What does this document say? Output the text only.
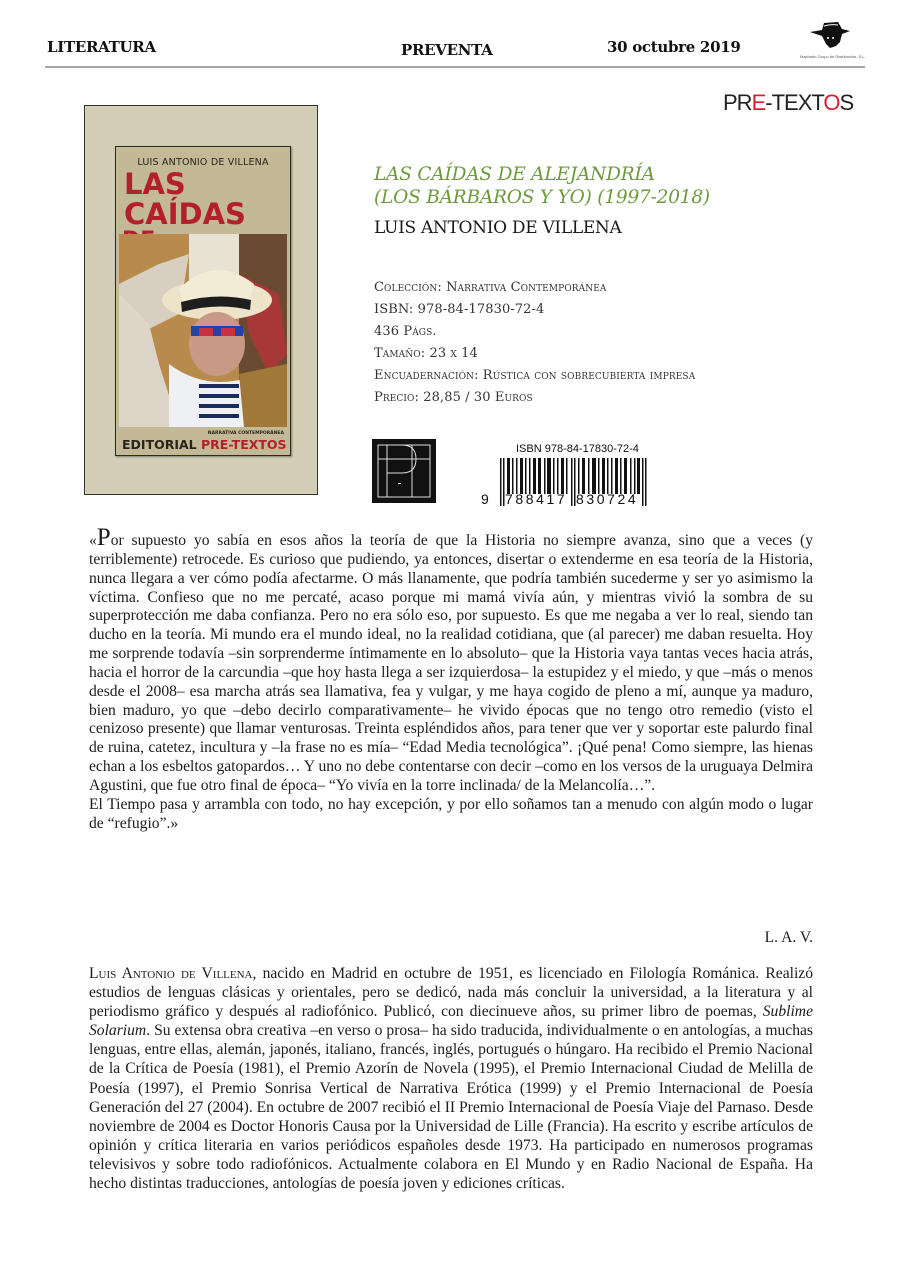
LITERATURA	PREVENTA	30 octubre 2019
Machado Grupo de Distribución, S.L.
PRE-TEXTOS
LUIS ANTONIO DE VILLENA
LAS CAÍDAS
NARRATIVA CONTEMPORÁNEA
EDITORIAL PRE-TEXTOS
LAS CAÍDAS DE ALEJANDRÍA
(LOS BÁRBAROS Y YO) (1997-2018)
LUIS ANTONIO DE VILLENA
Colección: Narrativa Contemporánea
ISBN: 978-84-17830-72-4
436 Págs.
Tamaño: 23 x 14
Encuadernación: Rústica con sobrecubierta impresa
Precio: 28,85 / 30 Euros
ISBN 978-84-17830-72-4
9 788417 830724

«Por supuesto yo sabía en esos años la teoría de que la Historia no siempre avanza, sino que a veces (y terriblemente) retrocede. Es curioso que pudiendo, ya entonces, disertar o extenderme en esa teoría de la Historia, nunca llegara a ver cómo podía afectarme. O más llanamente, que podría también sucederme y ser yo asimismo la víctima. Confieso que no me percaté, acaso porque mi mamá vivía aún, y mientras vivió la sombra de su superprotección me daba confianza. Pero no era sólo eso, por supuesto. Es que me negaba a ver lo real, siendo tan ducho en la teoría. Mi mundo era el mundo ideal, no la realidad cotidiana, que (al parecer) me daban resuelta. Hoy me sorprende todavía –sin sorprenderme íntimamente en lo absoluto– que la Historia vaya tantas veces hacia atrás, hacia el horror de la carcundia –que hoy hasta llega a ser izquierdosa– la estupidez y el miedo, y que –más o menos desde el 2008– esa marcha atrás sea llamativa, fea y vulgar, y me haya cogido de pleno a mí, aunque ya maduro, bien maduro, yo que –debo decirlo comparativamente– he vivido épocas que no tengo otro remedio (visto el cenizoso presente) que llamar venturosas. Treinta espléndidos años, para tener que ver y soportar este palurdo final de ruina, catetez, incultura y –la frase no es mía– “Edad Media tecnológica”. ¡Qué pena! Como siempre, las hienas echan a los esbeltos gatopardos… Y uno no debe contentarse con decir –como en los versos de la uruguaya Delmira Agustini, que fue otro final de época– “Yo vivía en la torre inclinada/ de la Melancolía…”.

El Tiempo pasa y arrambla con todo, no hay excepción, y por ello soñamos tan a menudo con algún modo o lugar de “refugio”.»

L. A. V.
Luis Antonio de Villena, nacido en Madrid en octubre de 1951, es licenciado en Filología Románica. Realizó estudios de lenguas clásicas y orientales, pero se dedicó, nada más concluir la universidad, a la literatura y al periodismo gráfico y después al radiofónico. Publicó, con diecinueve años, su primer libro de poemas, Sublime Solarium. Su extensa obra creativa –en verso o prosa– ha sido traducida, individualmente o en antologías, a muchas lenguas, entre ellas, alemán, japonés, italiano, francés, inglés, portugués o húngaro. Ha recibido el Premio Nacional de la Crítica de Poesía (1981), el Premio Azorín de Novela (1995), el Premio Internacional Ciudad de Melilla de Poesía (1997), el Premio Sonrisa Vertical de Narrativa Erótica (1999) y el Premio Internacional de Poesía Generación del 27 (2004). En octubre de 2007 recibió el II Premio Internacional de Poesía Viaje del Parnaso. Desde noviembre de 2004 es Doctor Honoris Causa por la Universidad de Lille (Francia). Ha escrito y escribe artículos de opinión y crítica literaria en varios periódicos españoles desde 1973. Ha participado en numerosos programas televisivos y sobre todo radiofónicos. Actualmente colabora en El Mundo y en Radio Nacional de España. Ha hecho distintas traducciones, antologías de poesía joven y ediciones críticas.
